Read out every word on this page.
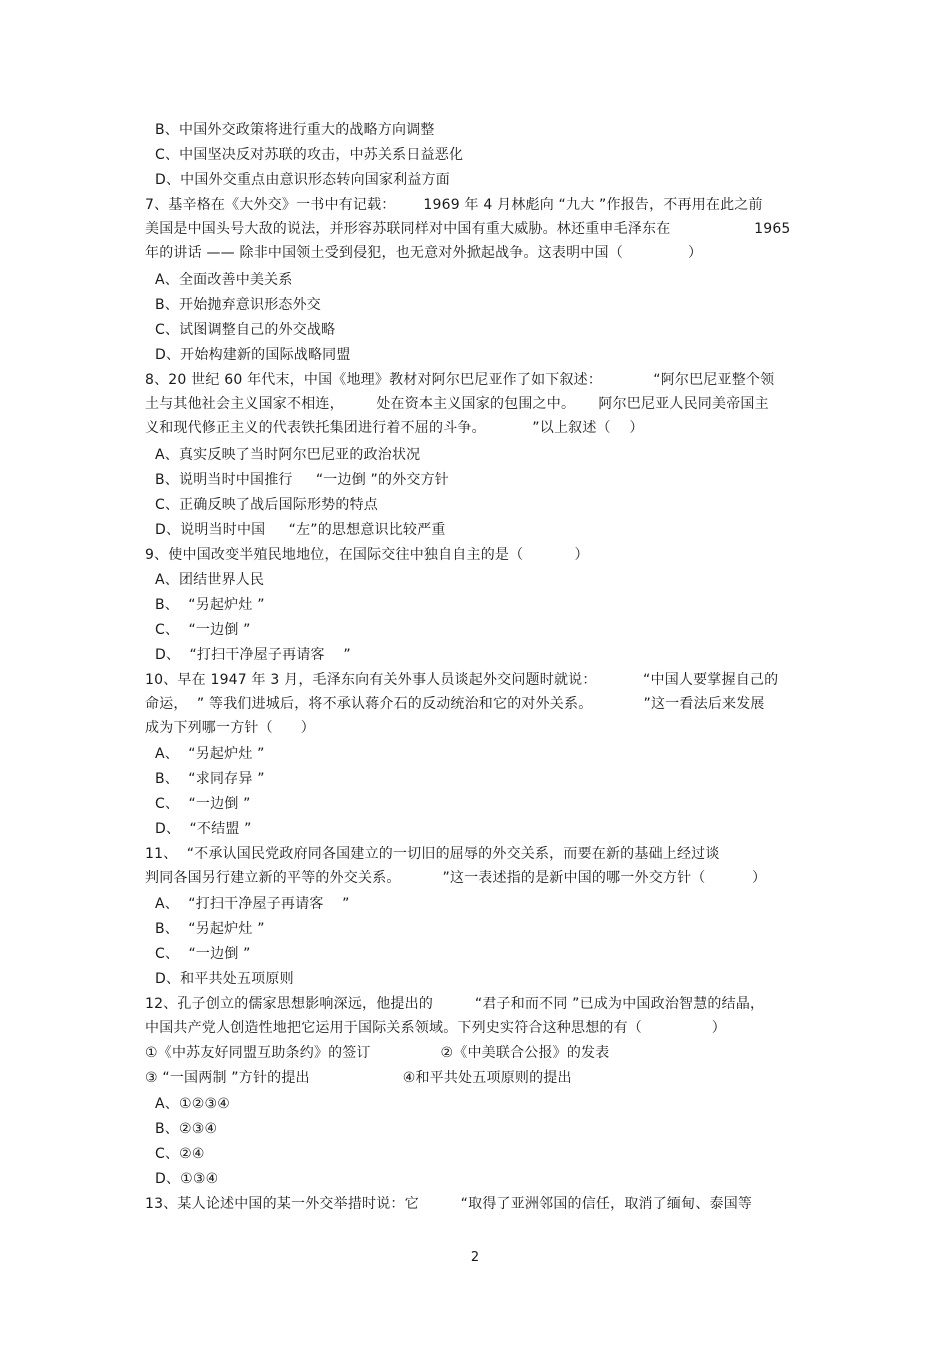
B、中国外交政策将进行重大的战略方向调整
C、中国坚决反对苏联的攻击，中苏关系日益恶化
D、中国外交重点由意识形态转向国家利益方面
7、基辛格在《大外交》一书中有记载：      1969 年 4 月林彪向 “九大 ”作报告，不再用在此之前
美国是中国头号大敌的说法，并形容苏联同样对中国有重大威胁。林还重申毛泽东在                  1965
年的讲话 —— 除非中国领土受到侵犯，也无意对外掀起战争。这表明中国（              ）
A、全面改善中美关系
B、开始抛弃意识形态外交
C、试图调整自己的外交战略
D、开始构建新的国际战略同盟
8、20 世纪 60 年代末，中国《地理》教材对阿尔巴尼亚作了如下叙述：           “阿尔巴尼亚整个领
土与其他社会主义国家不相连，       处在资本主义国家的包围之中。     阿尔巴尼亚人民同美帝国主
义和现代修正主义的代表铁托集团进行着不屈的斗争。          ”以上叙述（    ）
A、真实反映了当时阿尔巴尼亚的政治状况
B、说明当时中国推行     “一边倒 ”的外交方针
C、正确反映了战后国际形势的特点
D、说明当时中国     “左”的思想意识比较严重
9、使中国改变半殖民地地位，在国际交往中独自自主的是（           ）
A、团结世界人民
B、  “另起炉灶 ”
C、  “一边倒 ”
D、  “打扫干净屋子再请客    ”
10、早在 1947 年 3 月，毛泽东向有关外事人员谈起外交问题时就说：          “中国人要掌握自己的
命运，  ” 等我们进城后，将不承认蒋介石的反动统治和它的对外关系。           ”这一看法后来发展
成为下列哪一方针（      ）
A、  “另起炉灶 ”
B、  “求同存异 ”
C、  “一边倒 ”
D、  “不结盟 ”
11、  “不承认国民党政府同各国建立的一切旧的屈辱的外交关系，而要在新的基础上经过谈
判同各国另行建立新的平等的外交关系。         ”这一表述指的是新中国的哪一外交方针（          ）
A、  “打扫干净屋子再请客    ”
B、  “另起炉灶 ”
C、  “一边倒 ”
D、和平共处五项原则
12、孔子创立的儒家思想影响深远，他提出的         “君子和而不同 ”已成为中国政治智慧的结晶，
中国共产党人创造性地把它运用于国际关系领域。下列史实符合这种思想的有（               ）
①《中苏友好同盟互助条约》的签订               ②《中美联合公报》的发表
③ “一国两制 ”方针的提出                    ④和平共处五项原则的提出
A、①②③④
B、②③④
C、②④
D、①③④
13、某人论述中国的某一外交举措时说：它         “取得了亚洲邻国的信任，取消了缅甸、泰国等
2
